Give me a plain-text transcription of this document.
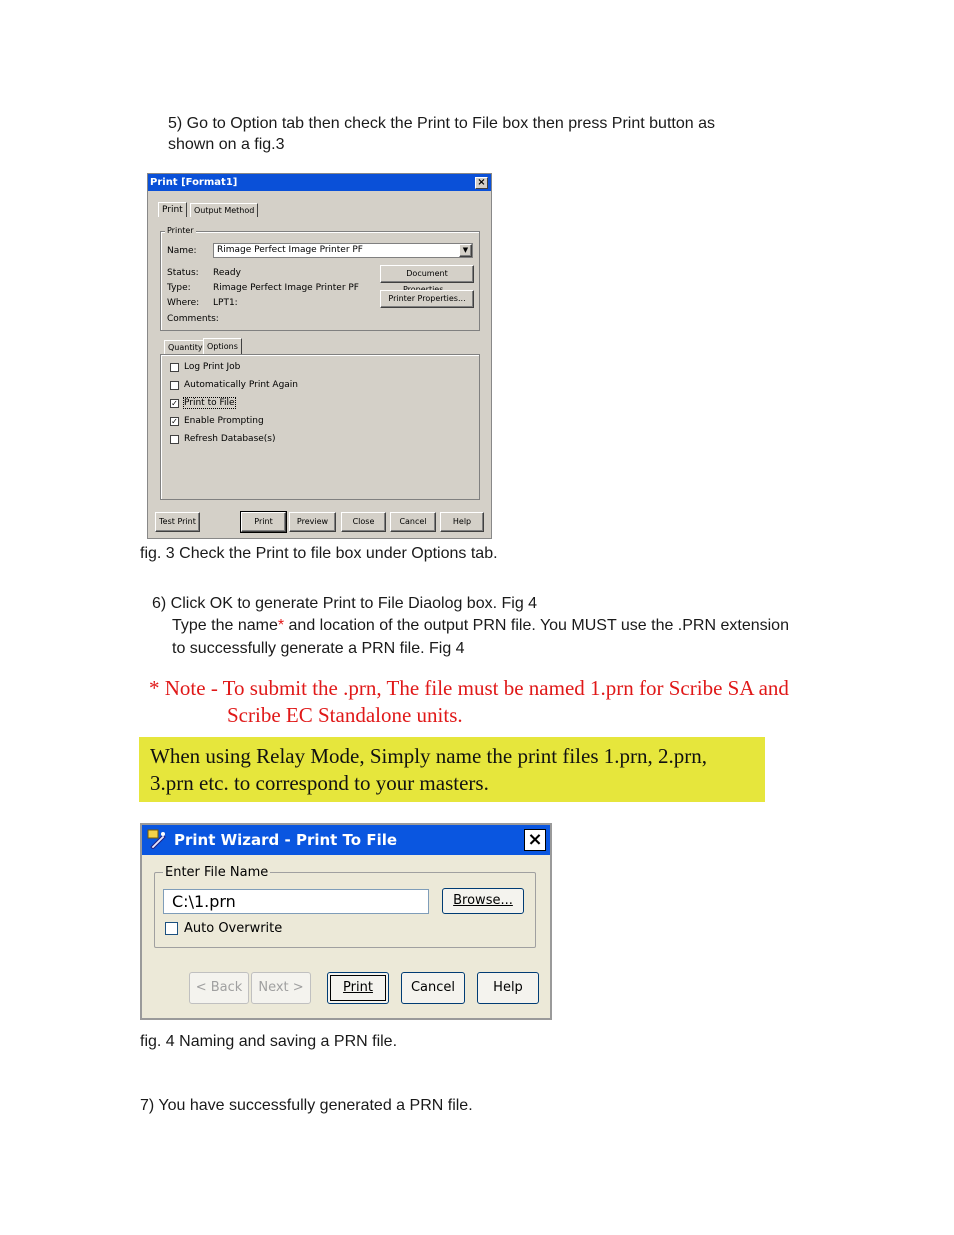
5) Go to Option tab then check the Print to File box then press Print button as
shown on a fig.3
Print [Format1]	×
Print	Output Method
Printer
Name: Rimage Perfect Image Printer PF	▼
Status: Ready
Type: Rimage Perfect Image Printer PF
Where: LPT1:
Comments:
Document
Printer Properties...
Quantity Options
Log Print Job
Automatically Print Again
✓ Print to File
✓ Enable Prompting
Refresh Database(s)
Test Print	Print	Preview	Close	Cancel	Help
fig. 3 Check the Print to file box under Options tab.
6) Click OK to generate Print to File Diaolog box. Fig 4
Type the name* and location of the output PRN file. You MUST use the .PRN extension
to successfully generate a PRN file. Fig 4
* Note - To submit the .prn, The file must be named 1.prn for Scribe SA and
Scribe EC Standalone units.
When using Relay Mode, Simply name the print files 1.prn, 2.prn,
3.prn etc. to correspond to your masters.
Print Wizard - Print To File	×
Enter File Name
C:\1.prn	Browse...
Auto Overwrite
< Back	Next >	Print	Cancel	Help
fig. 4 Naming and saving a PRN file.
7) You have successfully generated a PRN file.
